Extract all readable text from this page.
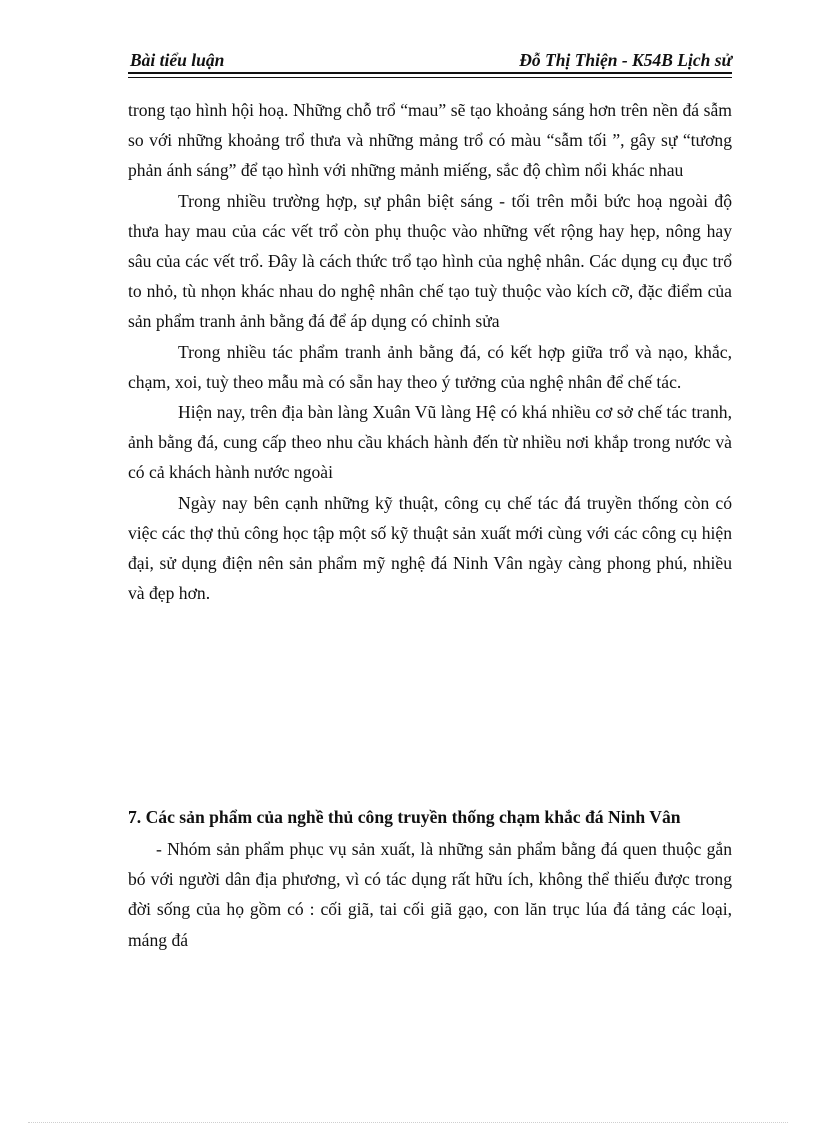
Bài tiểu luận	Đỗ Thị Thiện - K54B Lịch sử

trong tạo hình hội hoạ. Những chỗ trổ “mau” sẽ tạo khoảng sáng hơn trên nền đá sẫm so với những khoảng trổ thưa và những mảng trổ có màu “sẫm tối ”, gây sự “tương phản ánh sáng” để tạo hình với những mảnh miếng, sắc độ chìm nổi khác nhau

Trong nhiều trường hợp, sự phân biệt sáng - tối trên mỗi bức hoạ ngoài độ thưa hay mau của các vết trổ còn phụ thuộc vào những vết rộng hay hẹp, nông hay sâu của các vết trổ. Đây là cách thức trổ tạo hình của nghệ nhân. Các dụng cụ đục trổ to nhỏ, tù nhọn khác nhau do nghệ nhân chế tạo tuỳ thuộc vào kích cỡ, đặc điểm của sản phẩm tranh ảnh bằng đá để áp dụng có chỉnh sửa

Trong nhiều tác phẩm tranh ảnh bằng đá, có kết hợp giữa trổ và nạo, khắc, chạm, xoi, tuỳ theo mẫu mà có sẵn hay theo ý tưởng của nghệ nhân để chế tác.

Hiện nay, trên địa bàn làng Xuân Vũ làng Hệ có khá nhiều cơ sở chế tác tranh, ảnh bằng đá, cung cấp theo nhu cầu khách hành đến từ nhiều nơi khắp trong nước và có cả khách hành nước ngoài

Ngày nay bên cạnh những kỹ thuật, công cụ chế tác đá truyền thống còn có việc các thợ thủ công học tập một số kỹ thuật sản xuất mới cùng với các công cụ hiện đại, sử dụng điện nên sản phẩm mỹ nghệ đá Ninh Vân ngày càng phong phú, nhiều và đẹp hơn.

7. Các sản phẩm của nghề thủ công truyền thống chạm khắc đá Ninh Vân

- Nhóm sản phẩm phục vụ sản xuất, là những sản phẩm bằng đá quen thuộc gắn bó với người dân địa phương, vì có tác dụng rất hữu ích, không thể thiếu được trong đời sống của họ gồm có : cối giã, tai cối giã gạo, con lăn trục lúa đá tảng các loại, máng đá
